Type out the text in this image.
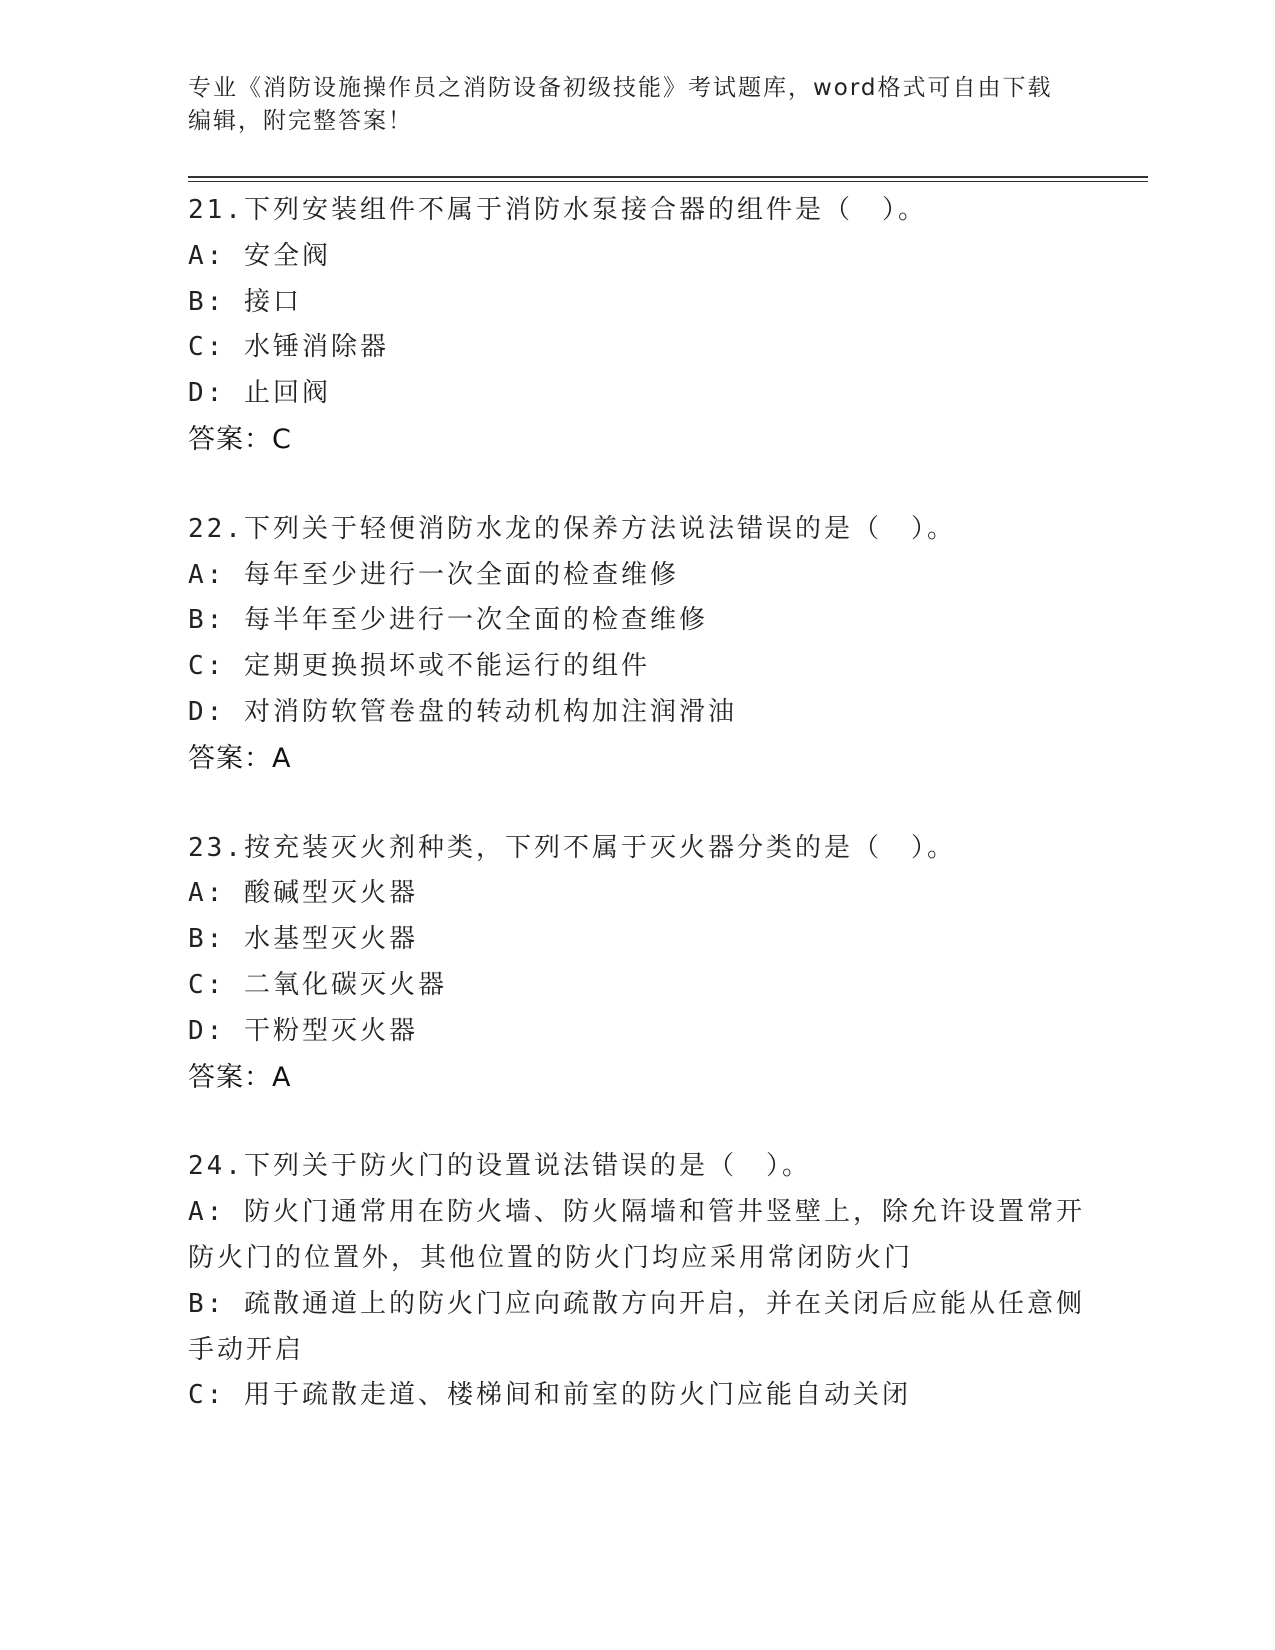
专业《消防设施操作员之消防设备初级技能》考试题库，word格式可自由下载编辑，附完整答案！
21.下列安装组件不属于消防水泵接合器的组件是（　）。
A: 安全阀
B: 接口
C: 水锤消除器
D: 止回阀
答案：C
22.下列关于轻便消防水龙的保养方法说法错误的是（　）。
A: 每年至少进行一次全面的检查维修
B: 每半年至少进行一次全面的检查维修
C: 定期更换损坏或不能运行的组件
D: 对消防软管卷盘的转动机构加注润滑油
答案：A
23.按充装灭火剂种类，下列不属于灭火器分类的是（　）。
A: 酸碱型灭火器
B: 水基型灭火器
C: 二氧化碳灭火器
D: 干粉型灭火器
答案：A
24.下列关于防火门的设置说法错误的是（　）。
A: 防火门通常用在防火墙、防火隔墙和管井竖壁上，除允许设置常开防火门的位置外，其他位置的防火门均应采用常闭防火门
B: 疏散通道上的防火门应向疏散方向开启，并在关闭后应能从任意侧手动开启
C: 用于疏散走道、楼梯间和前室的防火门应能自动关闭
